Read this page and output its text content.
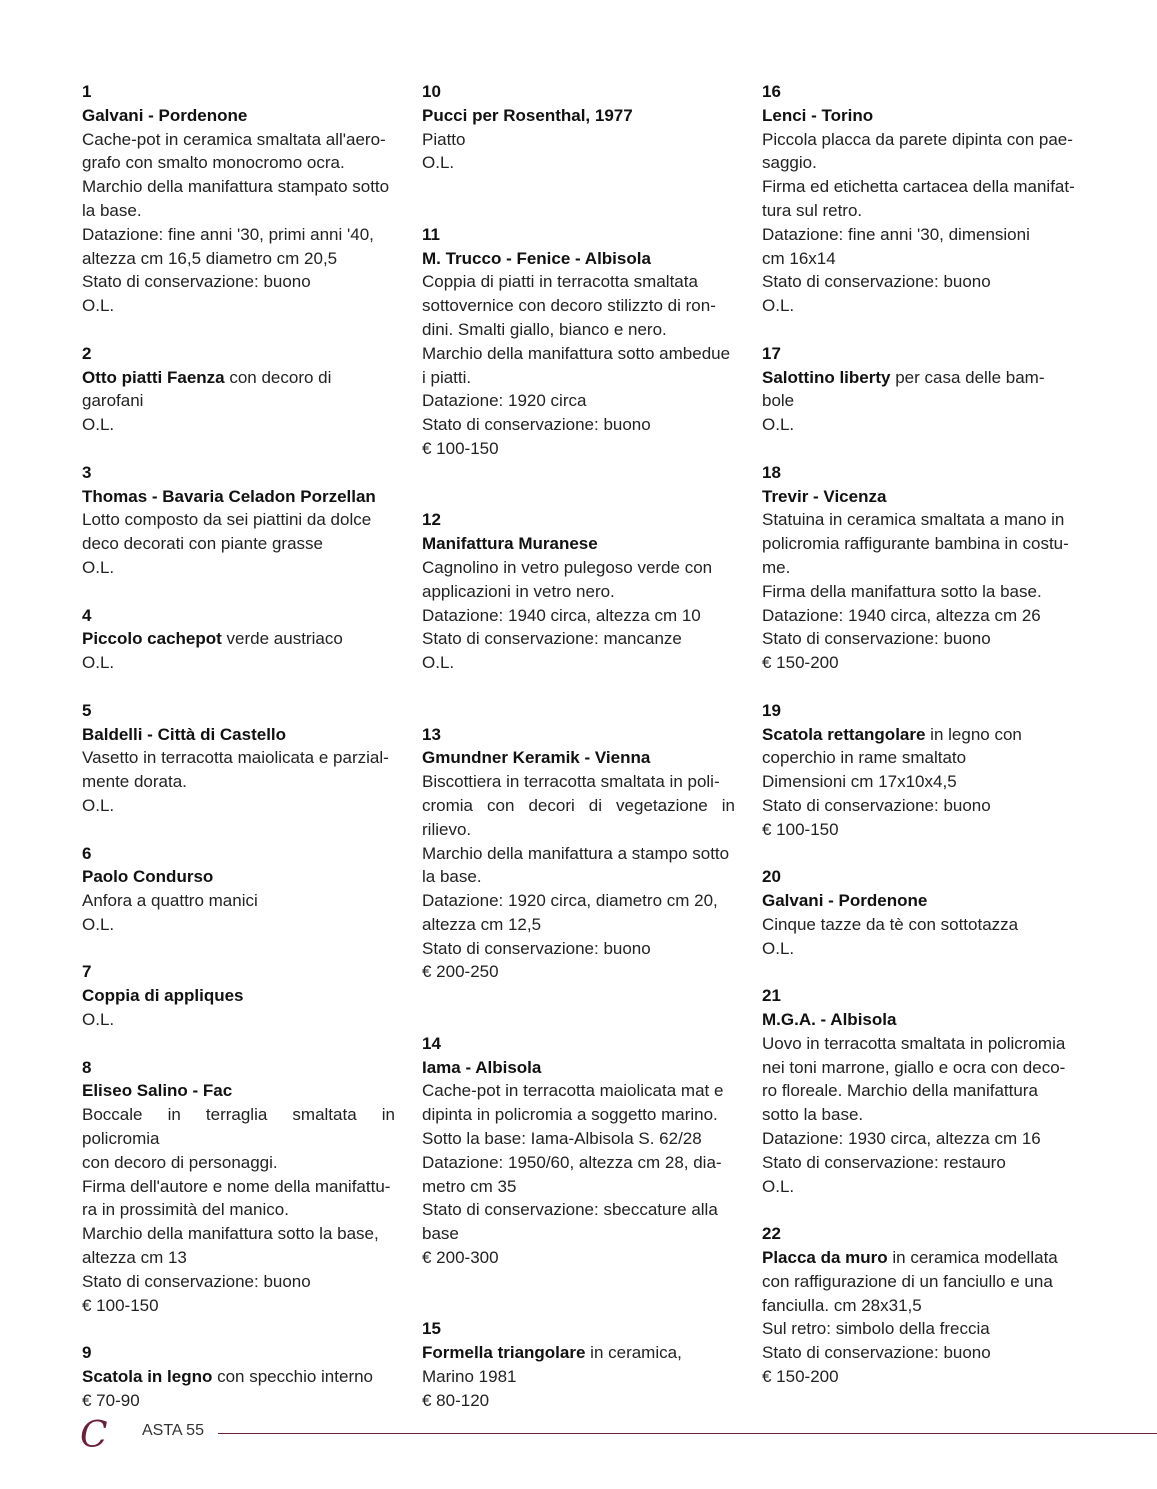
1
Galvani - Pordenone
Cache-pot in ceramica smaltata all'aero-
grafo con smalto monocromo ocra.
Marchio della manifattura stampato sotto
la base.
Datazione: fine anni '30, primi anni '40,
altezza cm 16,5 diametro cm 20,5
Stato di conservazione: buono
O.L.
2
Otto piatti Faenza con decoro di
garofani
O.L.
3
Thomas - Bavaria Celadon Porzellan
Lotto composto da sei piattini da dolce
deco decorati con piante grasse
O.L.
4
Piccolo cachepot verde austriaco
O.L.
5
Baldelli - Città di Castello
Vasetto in terracotta maiolicata e parzial-
mente dorata.
O.L.
6
Paolo Condurso
Anfora a quattro manici
O.L.
7
Coppia di appliques
O.L.
8
Eliseo Salino - Fac
Boccale in terraglia smaltata in policromia
con decoro di personaggi.
Firma dell'autore e nome della manifattu-
ra in prossimità del manico.
Marchio della manifattura sotto la base,
altezza cm 13
Stato di conservazione: buono
€ 100-150
9
Scatola in legno con specchio interno
€ 70-90
10
Pucci per Rosenthal, 1977
Piatto
O.L.
11
M. Trucco - Fenice - Albisola
Coppia di piatti in terracotta smaltata
sottovernice con decoro stilizzto di ron-
dini. Smalti giallo, bianco e nero.
Marchio della manifattura sotto ambedue
i piatti.
Datazione: 1920 circa
Stato di conservazione: buono
€ 100-150
12
Manifattura Muranese
Cagnolino in vetro pulegoso verde con
applicazioni in vetro nero.
Datazione: 1940 circa, altezza cm 10
Stato di conservazione: mancanze
O.L.
13
Gmundner Keramik - Vienna
Biscottiera in terracotta smaltata in poli-
cromia con decori di vegetazione in rilievo.
Marchio della manifattura a stampo sotto
la base.
Datazione: 1920 circa, diametro cm 20,
altezza cm 12,5
Stato di conservazione: buono
€ 200-250
14
Iama - Albisola
Cache-pot in terracotta maiolicata mat e
dipinta in policromia a soggetto marino.
Sotto la base: Iama-Albisola S. 62/28
Datazione: 1950/60, altezza cm 28, dia-
metro cm 35
Stato di conservazione: sbeccature alla
base
€ 200-300
15
Formella triangolare in ceramica,
Marino 1981
€ 80-120
16
Lenci - Torino
Piccola placca da parete dipinta con pae-
saggio.
Firma ed etichetta cartacea della manifat-
tura sul retro.
Datazione: fine anni '30, dimensioni
cm 16x14
Stato di conservazione: buono
O.L.
17
Salottino liberty per casa delle bam-
bole
O.L.
18
Trevir - Vicenza
Statuina in ceramica smaltata a mano in
policromia raffigurante bambina in costu-
me.
Firma della manifattura sotto la base.
Datazione: 1940 circa, altezza cm 26
Stato di conservazione: buono
€ 150-200
19
Scatola rettangolare in legno con
coperchio in rame smaltato
Dimensioni cm 17x10x4,5
Stato di conservazione: buono
€ 100-150
20
Galvani - Pordenone
Cinque tazze da tè con sottotazza
O.L.
21
M.G.A. - Albisola
Uovo in terracotta smaltata in policromia
nei toni marrone, giallo e ocra con deco-
ro floreale. Marchio della manifattura
sotto la base.
Datazione: 1930 circa, altezza cm 16
Stato di conservazione: restauro
O.L.
22
Placca da muro in ceramica modellata
con raffigurazione di un fanciullo e una
fanciulla. cm 28x31,5
Sul retro: simbolo della freccia
Stato di conservazione: buono
€ 150-200
C ASTA 55
